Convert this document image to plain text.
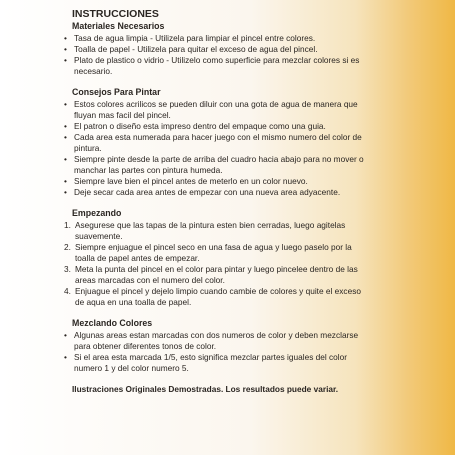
INSTRUCCIONES
Materiales Necesarios
• Tasa de agua limpia - Utilizela para limpiar el pincel entre colores.
• Toalla de papel - Utilizela para quitar el exceso de agua del pincel.
• Plato de plastico o vidrio - Utilizelo como superficie para mezclar colores si es necesario.
Consejos Para Pintar
• Estos colores acrilicos se pueden diluir con una gota de agua de manera que fluyan mas facil del pincel.
• El patron o diseño esta impreso dentro del empaque como una guia.
• Cada area esta numerada para hacer juego con el mismo numero del color de pintura.
• Siempre pinte desde la parte de arriba del cuadro hacia abajo para no mover o manchar las partes con pintura humeda.
• Siempre lave bien el pincel antes de meterlo en un color nuevo.
• Deje secar cada area antes de empezar con una nueva area adyacente.
Empezando
1. Asegurese que las tapas de la pintura esten bien cerradas, luego agitelas suavemente.
2. Siempre enjuague el pincel seco en una fasa de agua y luego paselo por la toalla de papel antes de empezar.
3. Meta la punta del pincel en el color para pintar y luego pincelee dentro de las areas marcadas con el numero del color.
4. Enjuague el pincel y dejelo limpio cuando cambie de colores y quite el exceso de aqua en una toalla de papel.
Mezclando Colores
• Algunas areas estan marcadas con dos numeros de color y deben mezclarse para obtener diferentes tonos de color.
• Si el area esta marcada 1/5, esto significa mezclar partes iguales del color numero 1 y del color numero 5.
Ilustraciones Originales Demostradas. Los resultados puede variar.
